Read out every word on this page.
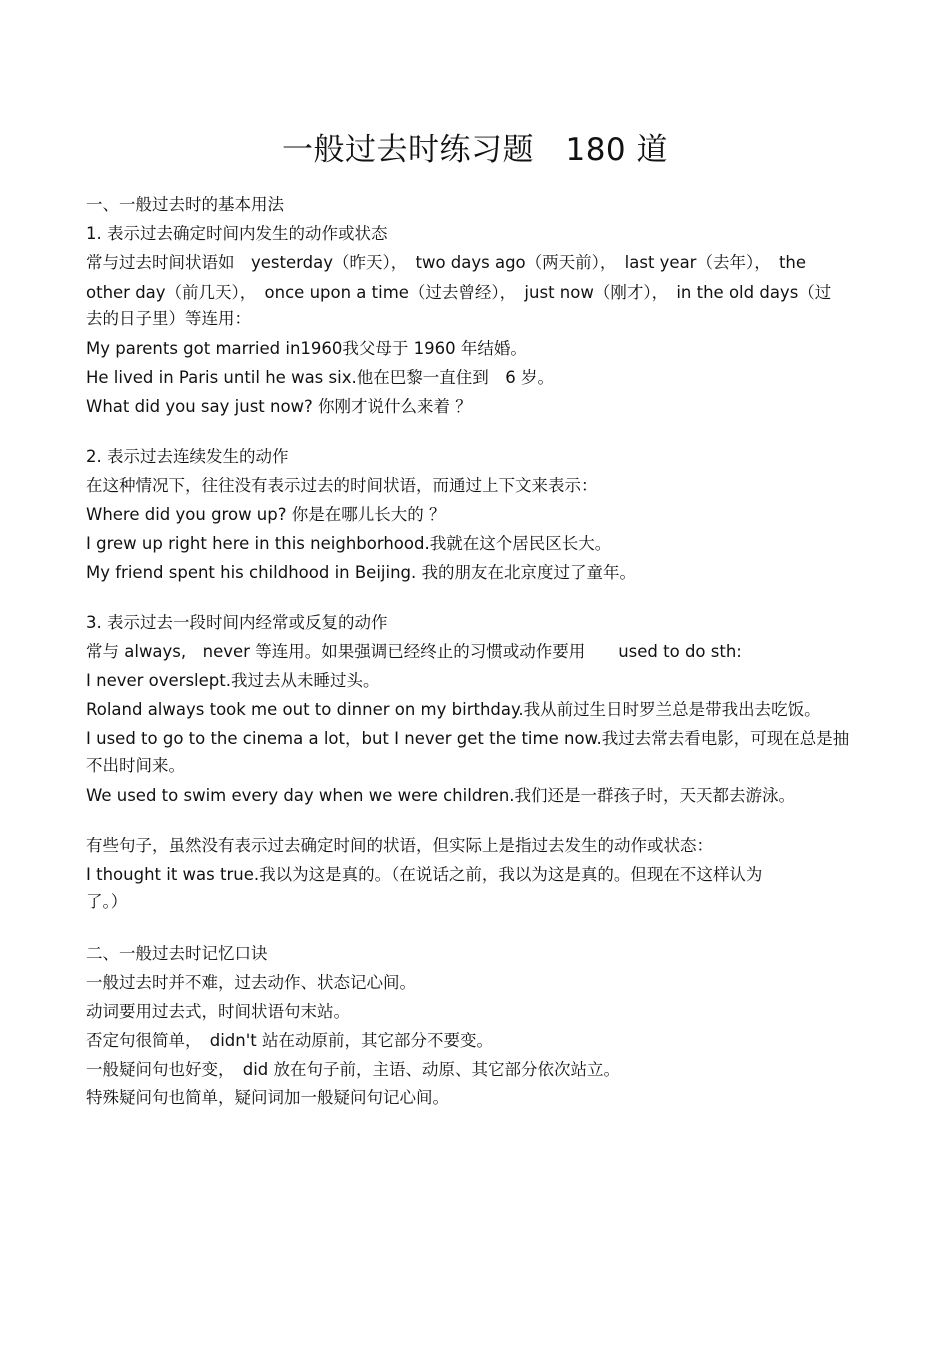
一般过去时练习题　180 道
一、一般过去时的基本用法
1. 表示过去确定时间内发生的动作或状态
常与过去时间状语如　yesterday（昨天），　two days ago（两天前），　last year（去年），　the
other day（前几天），　once upon a time（过去曾经），　just now（刚才），　in the old days（过
去的日子里）等连用：
My parents got married in1960我父母于 1960 年结婚。
He lived in Paris until he was six.他在巴黎一直住到　6 岁。
What did you say just now? 你刚才说什么来着 ？
2. 表示过去连续发生的动作
在这种情况下，往往没有表示过去的时间状语，而通过上下文来表示：
Where did you grow up? 你是在哪儿长大的 ？
I grew up right here in this neighborhood.我就在这个居民区长大。
My friend spent his childhood in Beijing. 我的朋友在北京度过了童年。
3. 表示过去一段时间内经常或反复的动作
常与 always,　never 等连用。如果强调已经终止的习惯或动作要用　　used to do sth:
I never overslept.我过去从未睡过头。
Roland always took me out to dinner on my birthday.我从前过生日时罗兰总是带我出去吃饭。
I used to go to the cinema a lot，but I never get the time now.我过去常去看电影，可现在总是抽
不出时间来。
We used to swim every day when we were children.我们还是一群孩子时，天天都去游泳。
有些句子，虽然没有表示过去确定时间的状语，但实际上是指过去发生的动作或状态：
I thought it was true.我以为这是真的。（在说话之前，我以为这是真的。但现在不这样认为
了。）
二、一般过去时记忆口诀
一般过去时并不难，过去动作、状态记心间。
动词要用过去式，时间状语句末站。
否定句很简单，　didn't 站在动原前，其它部分不要变。
一般疑问句也好变，　did 放在句子前，主语、动原、其它部分依次站立。
特殊疑问句也简单，疑问词加一般疑问句记心间。
